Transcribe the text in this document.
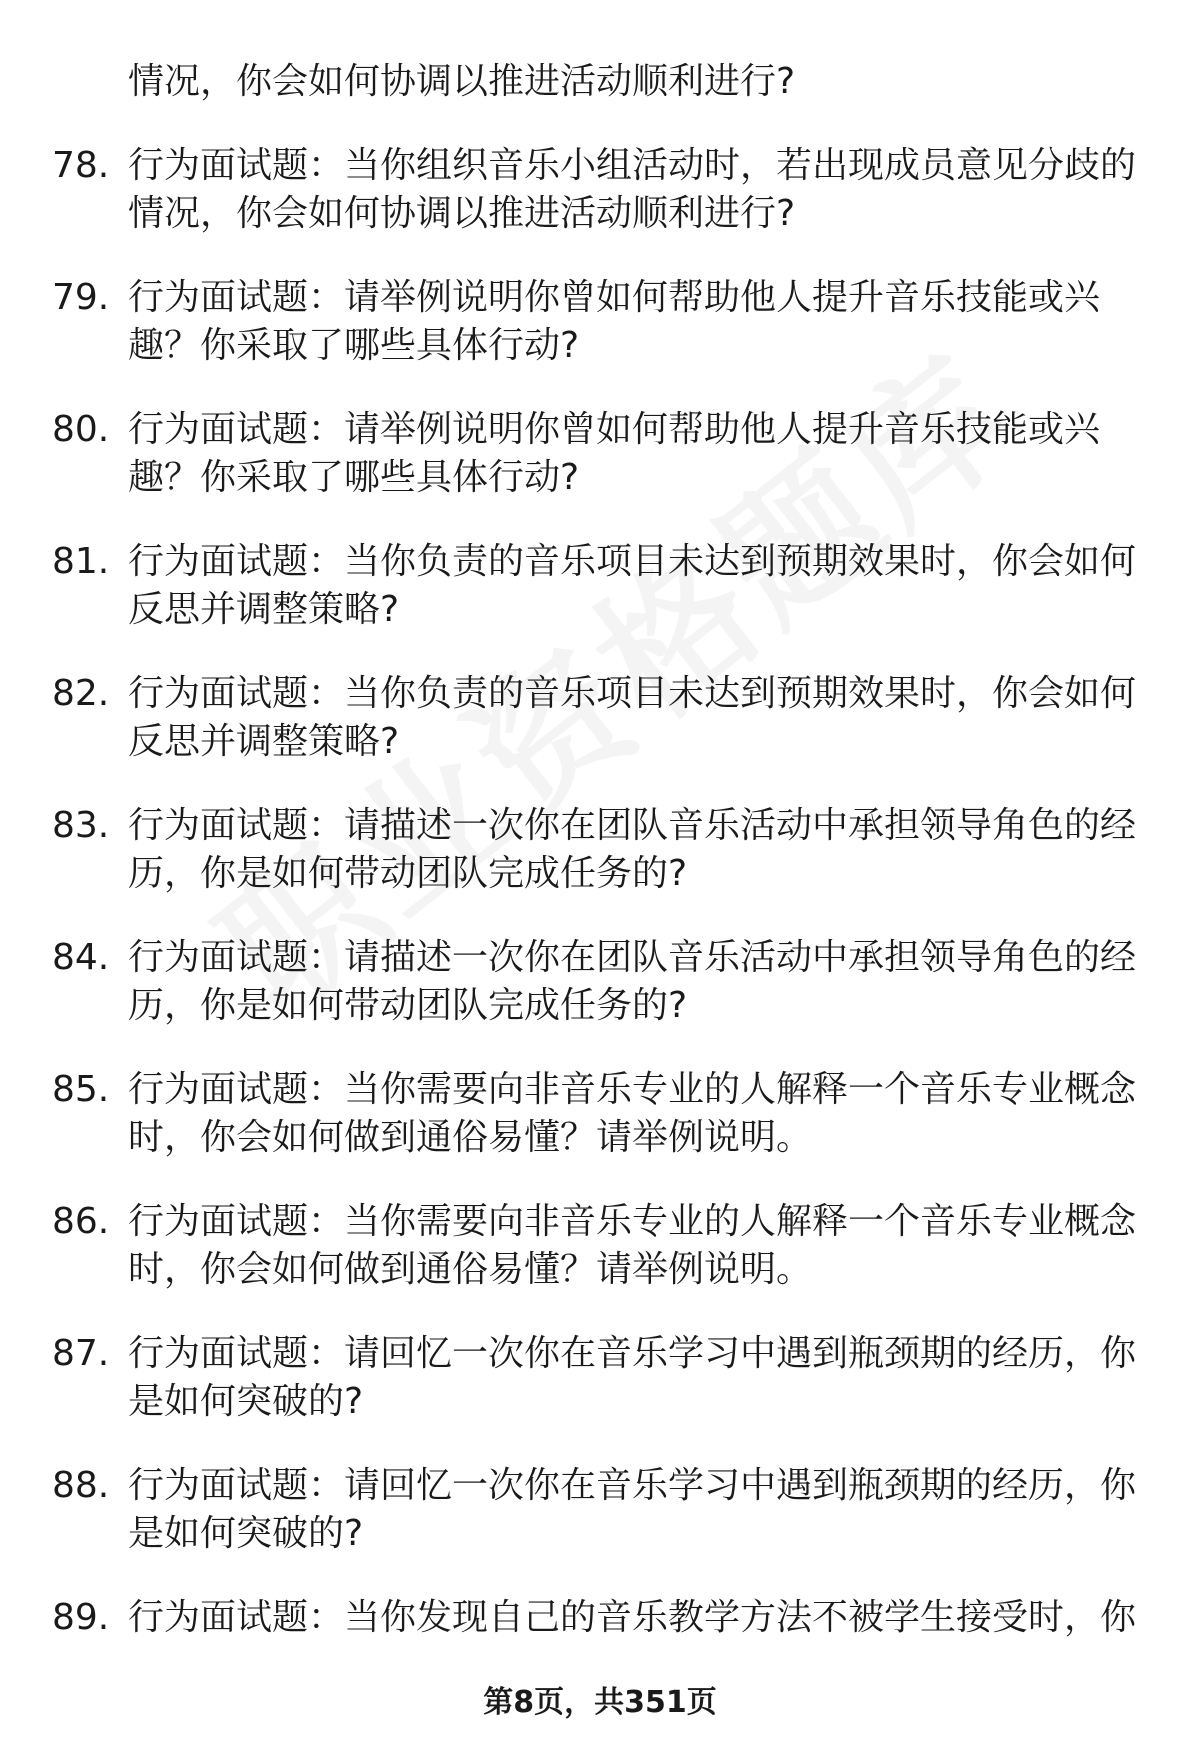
情况，你会如何协调以推进活动顺利进行?
78. 行为面试题：当你组织音乐小组活动时，若出现成员意见分歧的情况，你会如何协调以推进活动顺利进行?
79. 行为面试题：请举例说明你曾如何帮助他人提升音乐技能或兴趣？你采取了哪些具体行动?
80. 行为面试题：请举例说明你曾如何帮助他人提升音乐技能或兴趣？你采取了哪些具体行动?
81. 行为面试题：当你负责的音乐项目未达到预期效果时，你会如何反思并调整策略?
82. 行为面试题：当你负责的音乐项目未达到预期效果时，你会如何反思并调整策略?
83. 行为面试题：请描述一次你在团队音乐活动中承担领导角色的经历，你是如何带动团队完成任务的?
84. 行为面试题：请描述一次你在团队音乐活动中承担领导角色的经历，你是如何带动团队完成任务的?
85. 行为面试题：当你需要向非音乐专业的人解释一个音乐专业概念时，你会如何做到通俗易懂？请举例说明。
86. 行为面试题：当你需要向非音乐专业的人解释一个音乐专业概念时，你会如何做到通俗易懂？请举例说明。
87. 行为面试题：请回忆一次你在音乐学习中遇到瓶颈期的经历，你是如何突破的?
88. 行为面试题：请回忆一次你在音乐学习中遇到瓶颈期的经历，你是如何突破的?
89. 行为面试题：当你发现自己的音乐教学方法不被学生接受时，你
第8页，共351页
